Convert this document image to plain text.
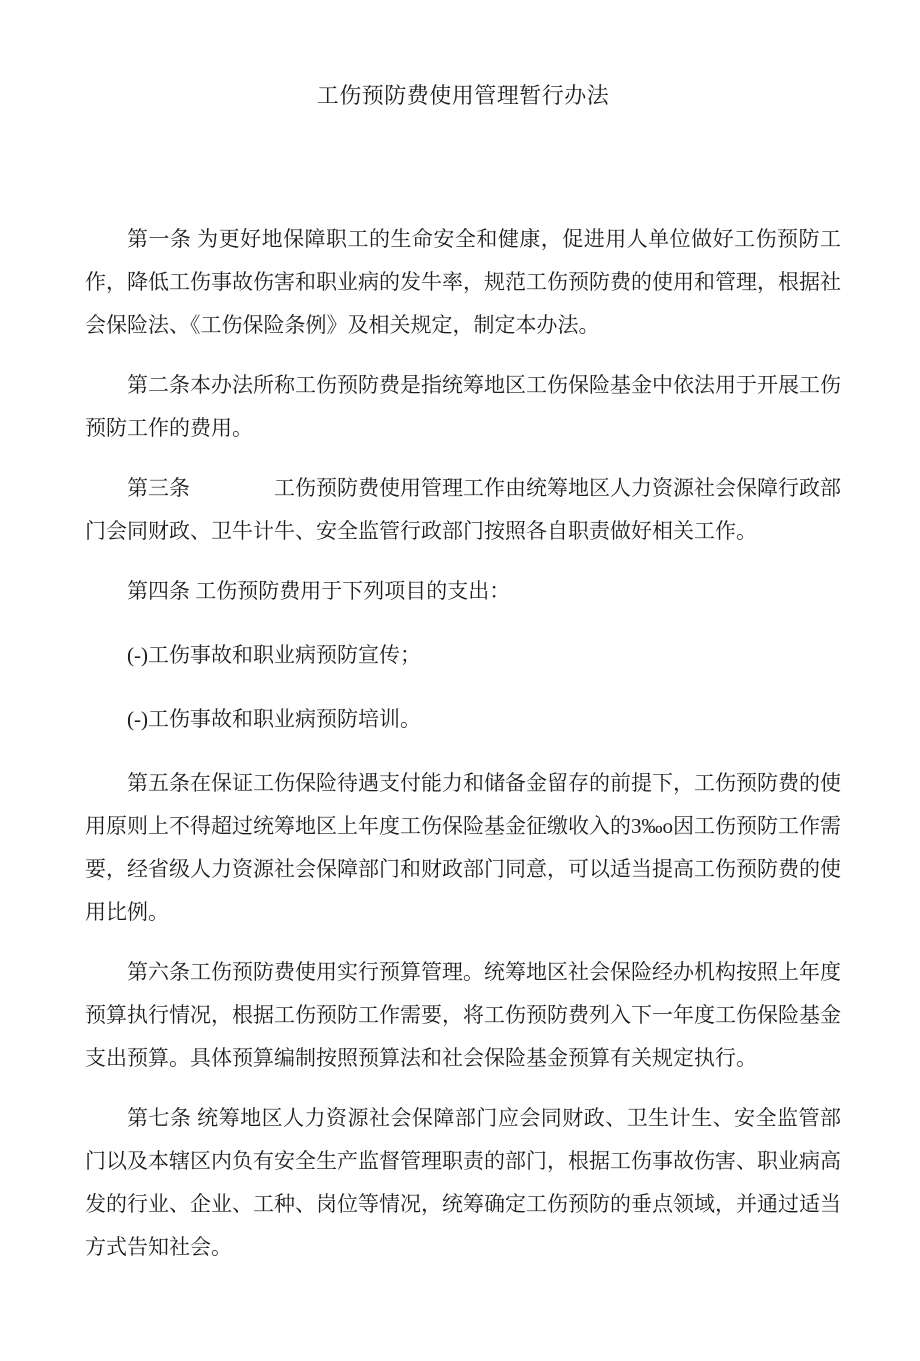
工伤预防费使用管理暂行办法

第一条 为更好地保障职工的生命安全和健康，促进用人单位做好工伤预防工作，降低工伤事故伤害和职业病的发牛率，规范工伤预防费的使用和管理，根据社会保险法、《工伤保险条例》及相关规定，制定本办法。

第二条本办法所称工伤预防费是指统筹地区工伤保险基金中依法用于开展工伤预防工作的费用。

第三条　　　　工伤预防费使用管理工作由统筹地区人力资源社会保障行政部门会同财政、卫牛计牛、安全监管行政部门按照各自职责做好相关工作。

第四条 工伤预防费用于下列项目的支出：

(-)工伤事故和职业病预防宣传；

(-)工伤事故和职业病预防培训。

第五条在保证工伤保险待遇支付能力和储备金留存的前提下，工伤预防费的使用原则上不得超过统筹地区上年度工伤保险基金征缴收入的3‰o因工伤预防工作需要，经省级人力资源社会保障部门和财政部门同意，可以适当提高工伤预防费的使用比例。

第六条工伤预防费使用实行预算管理。统筹地区社会保险经办机构按照上年度预算执行情况，根据工伤预防工作需要，将工伤预防费列入下一年度工伤保险基金支出预算。具体预算编制按照预算法和社会保险基金预算有关规定执行。

第七条 统筹地区人力资源社会保障部门应会同财政、卫生计生、安全监管部门以及本辖区内负有安全生产监督管理职责的部门，根据工伤事故伤害、职业病高发的行业、企业、工种、岗位等情况，统筹确定工伤预防的垂点领域，并通过适当方式告知社会。
